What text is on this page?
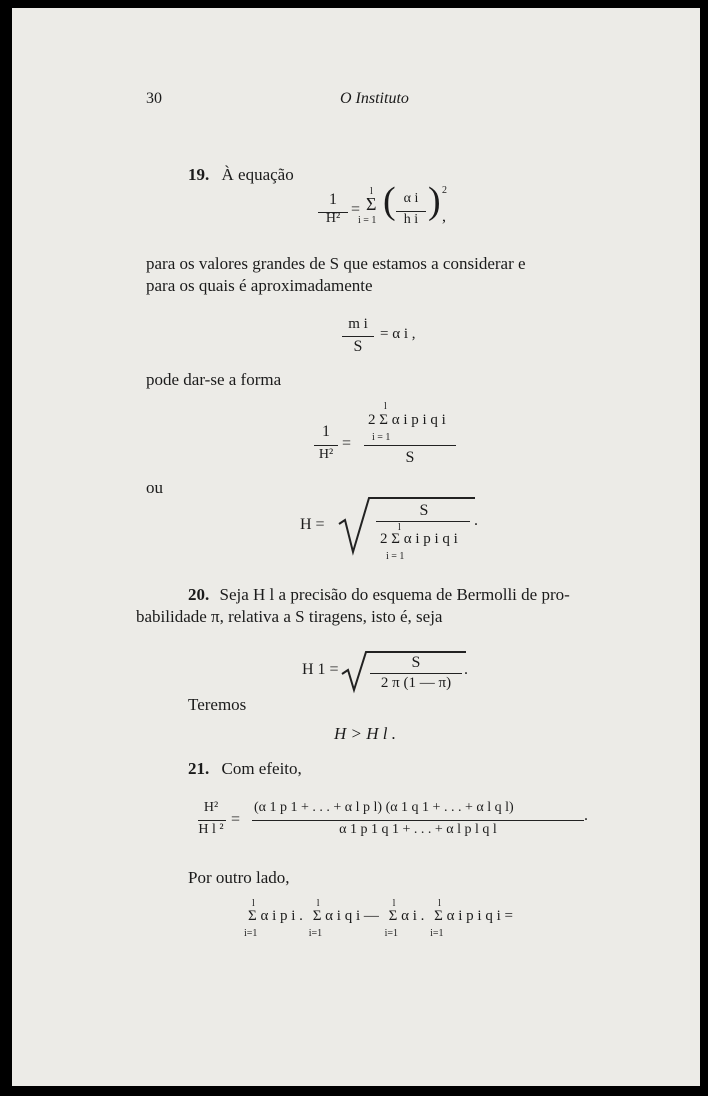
30	O Instituto
19. À equação
1
H²
=
l
Σ
i = 1 ( α i
h i ) 2
,
para os valores grandes de S que estamos a considerar e
para os quais é aproximadamente
m i
S
= α i ,
pode dar-se a forma
1
H²
=
l
2 Σ α i p i q i
i = 1
S
ou
H =
S
l
2 Σ α i p i q i
i = 1
.
20. Seja H l a precisão do esquema de Bermolli de pro-
babilidade π, relativa a S tiragens, isto é, seja
H 1 =	S
2 π (1 — π)
.
Teremos
H > H l .
21. Com efeito,
H²
H l ²
=
(α 1 p 1 + . . . + α l p l) (α 1 q 1 + . . . + α l q l)
α 1 p 1 q 1 + . . . + α l p l q l
.
Por outro lado,
l
Σ α i p i .
i=1

l
Σ α i q i —
i=1

l
Σ α i .
i=1

l
Σ α i p i q i =
i=1
